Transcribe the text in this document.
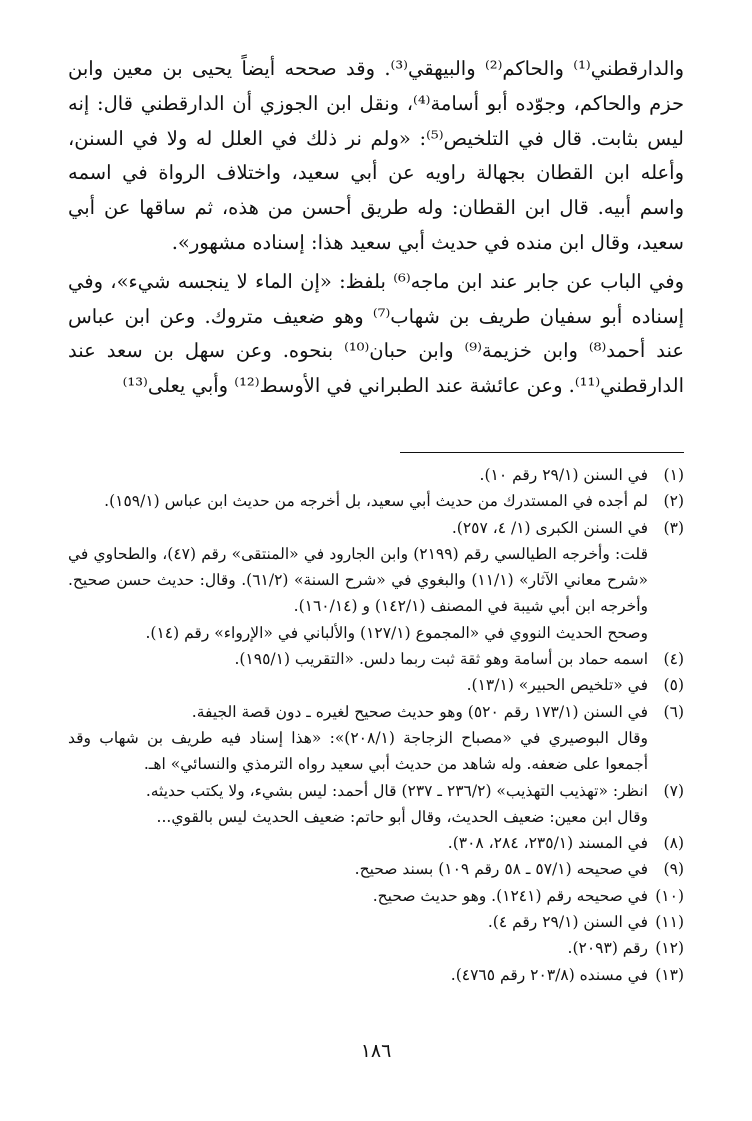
والدارقطني⁽¹⁾ والحاكم⁽²⁾ والبيهقي⁽³⁾. وقد صححه أيضاً يحيى بن معين وابن حزم والحاكم، وجوّده أبو أسامة⁽⁴⁾، ونقل ابن الجوزي أن الدارقطني قال: إنه ليس بثابت. قال في التلخيص⁽⁵⁾: «ولم نر ذلك في العلل له ولا في السنن، وأعله ابن القطان بجهالة راويه عن أبي سعيد، واختلاف الرواة في اسمه واسم أبيه. قال ابن القطان: وله طريق أحسن من هذه، ثم ساقها عن أبي سعيد، وقال ابن منده في حديث أبي سعيد هذا: إسناده مشهور».

وفي الباب عن جابر عند ابن ماجه⁽⁶⁾ بلفظ: «إن الماء لا ينجسه شيء»، وفي إسناده أبو سفيان طريف بن شهاب⁽⁷⁾ وهو ضعيف متروك. وعن ابن عباس عند أحمد⁽⁸⁾ وابن خزيمة⁽⁹⁾ وابن حبان⁽¹⁰⁾ بنحوه. وعن سهل بن سعد عند الدارقطني⁽¹¹⁾. وعن عائشة عند الطبراني في الأوسط⁽¹²⁾ وأبي يعلى⁽¹³⁾

(١)
في السنن (٢٩/١ رقم ١٠).
(٢)
لم أجده في المستدرك من حديث أبي سعيد، بل أخرجه من حديث ابن عباس (١٥٩/١).
(٣)
في السنن الكبرى (١/ ٤، ٢٥٧).
قلت: وأخرجه الطيالسي رقم (٢١٩٩) وابن الجارود في «المنتقى» رقم (٤٧)، والطحاوي في «شرح معاني الآثار» (١١/١) والبغوي في «شرح السنة» (٦١/٢). وقال: حديث حسن صحيح. وأخرجه ابن أبي شيبة في المصنف (١٤٢/١) و (١٦٠/١٤).
وصحح الحديث النووي في «المجموع (١٢٧/١) والألباني في «الإرواء» رقم (١٤).
(٤)
اسمه حماد بن أسامة وهو ثقة ثبت ربما دلس. «التقريب (١٩٥/١).
(٥)
في «تلخيص الحبير» (١٣/١).
(٦)
في السنن (١٧٣/١ رقم ٥٢٠) وهو حديث صحيح لغيره ـ دون قصة الجيفة.
وقال البوصيري في «مصباح الزجاجة (٢٠٨/١)»: «هذا إسناد فيه طريف بن شهاب وقد أجمعوا على ضعفه. وله شاهد من حديث أبي سعيد رواه الترمذي والنسائي» اهـ.
(٧)
انظر: «تهذيب التهذيب» (٢٣٦/٢ ـ ٢٣٧) قال أحمد: ليس بشيء، ولا يكتب حديثه.
وقال ابن معين: ضعيف الحديث، وقال أبو حاتم: ضعيف الحديث ليس بالقوي...
(٨)
في المسند (٢٣٥/١، ٢٨٤، ٣٠٨).
(٩)
في صحيحه (٥٧/١ ـ ٥٨ رقم ١٠٩) بسند صحيح.
(١٠)
في صحيحه رقم (١٢٤١). وهو حديث صحيح.
(١١)
في السنن (٢٩/١ رقم ٤).
(١٢)
رقم (٢٠٩٣).
(١٣)
في مسنده (٢٠٣/٨ رقم ٤٧٦٥).
١٨٦
